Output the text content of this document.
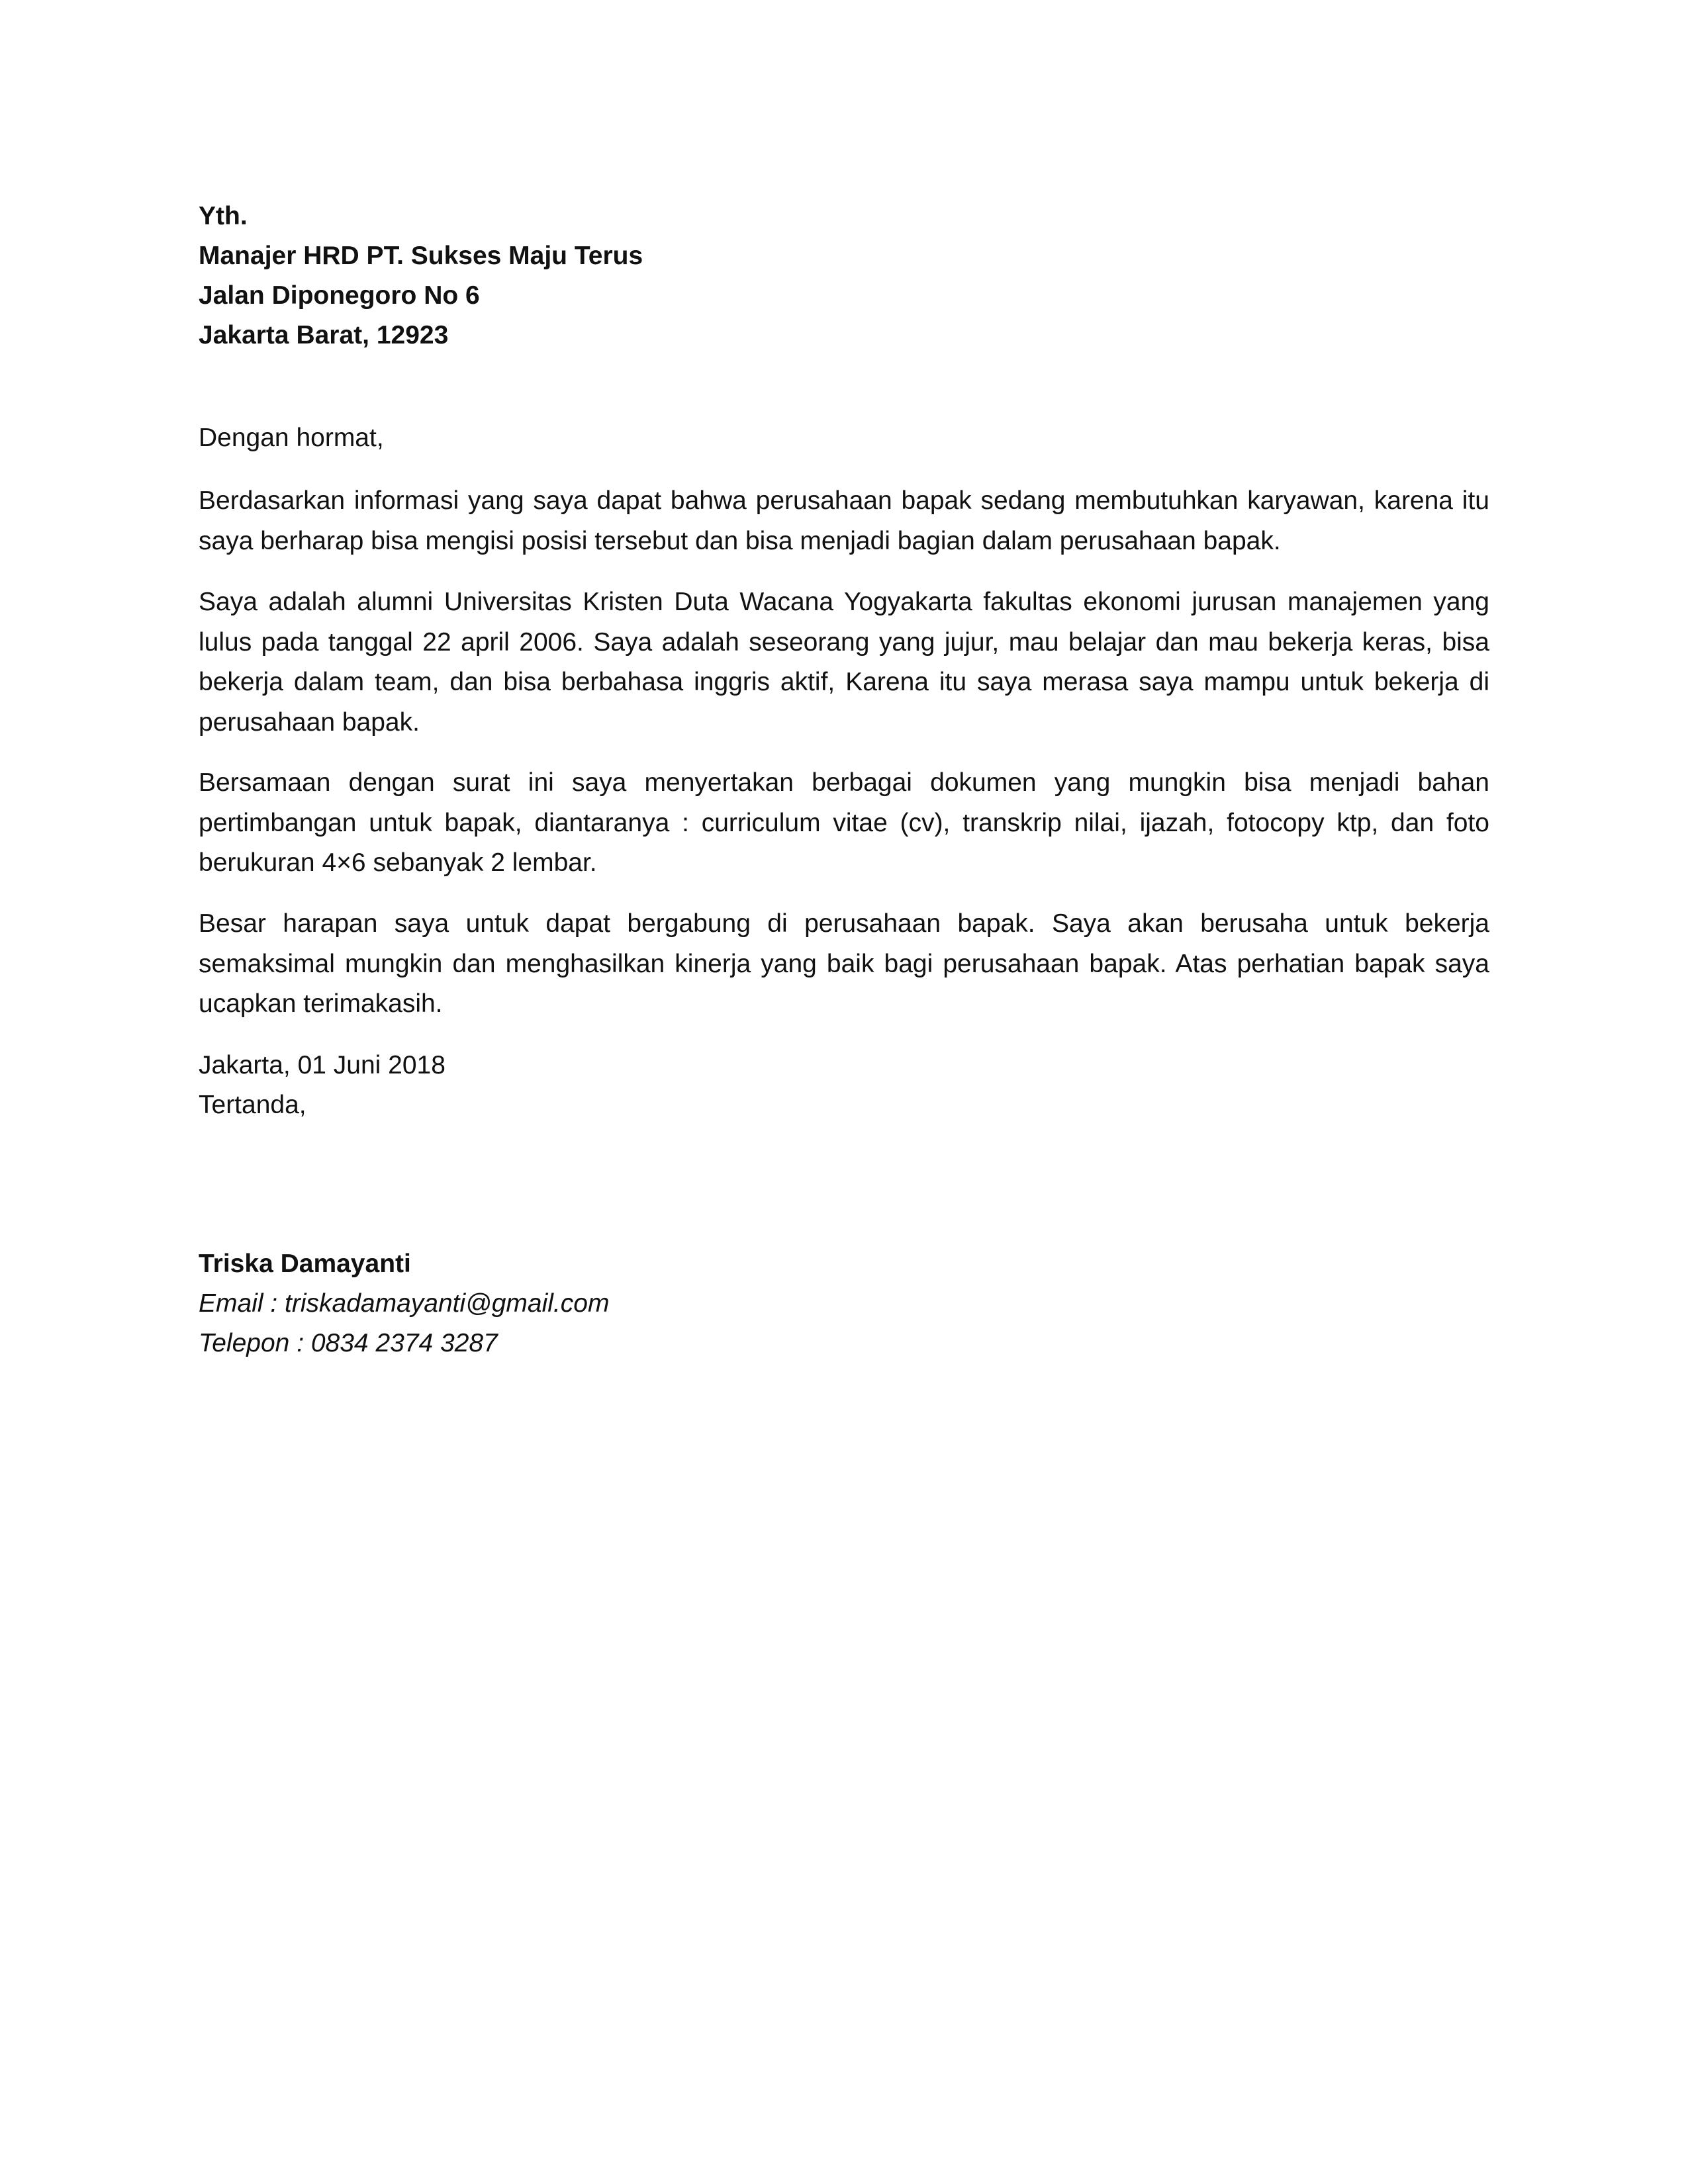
Yth.
Manajer HRD PT. Sukses Maju Terus
Jalan Diponegoro No 6
Jakarta Barat, 12923
Dengan hormat,
Berdasarkan informasi yang saya dapat bahwa perusahaan bapak sedang membutuhkan karyawan, karena itu saya berharap bisa mengisi posisi tersebut dan bisa menjadi bagian dalam perusahaan bapak.
Saya adalah alumni Universitas Kristen Duta Wacana Yogyakarta fakultas ekonomi jurusan manajemen yang lulus pada tanggal 22 april 2006. Saya adalah seseorang yang jujur, mau belajar dan mau bekerja keras, bisa bekerja dalam team, dan bisa berbahasa inggris aktif, Karena itu saya merasa saya mampu untuk bekerja di perusahaan bapak.
Bersamaan dengan surat ini saya menyertakan berbagai dokumen yang mungkin bisa menjadi bahan pertimbangan untuk bapak, diantaranya : curriculum vitae (cv), transkrip nilai, ijazah, fotocopy ktp, dan foto berukuran 4×6 sebanyak 2 lembar.
Besar harapan saya untuk dapat bergabung di perusahaan bapak. Saya akan berusaha untuk bekerja semaksimal mungkin dan menghasilkan kinerja yang baik bagi perusahaan bapak. Atas perhatian bapak saya ucapkan terimakasih.
Jakarta, 01 Juni 2018
Tertanda,
Triska Damayanti
Email : triskadamayanti@gmail.com
Telepon : 0834 2374 3287
